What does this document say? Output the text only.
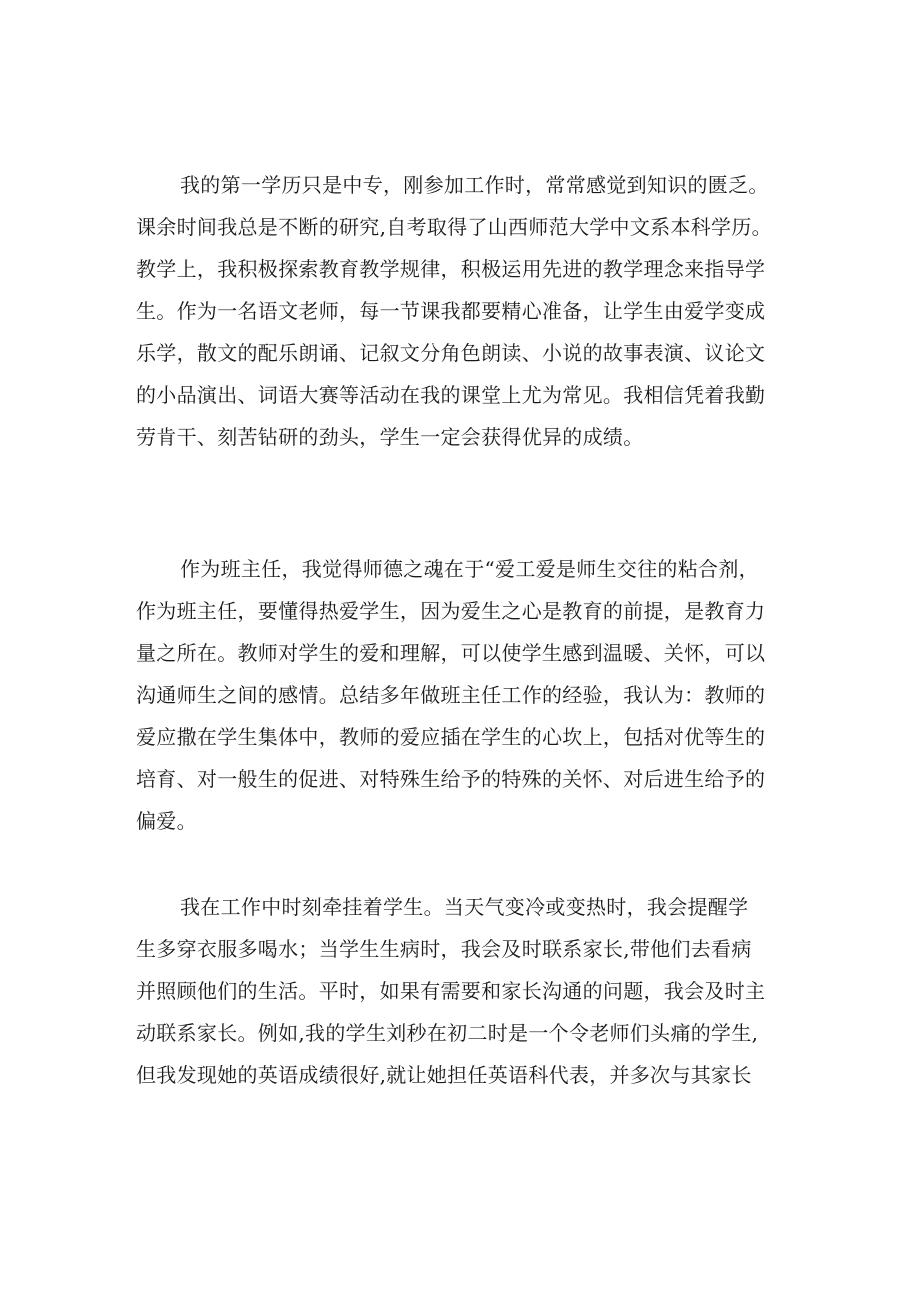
我的第一学历只是中专，刚参加工作时，常常感觉到知识的匮乏。
课余时间我总是不断的研究,自考取得了山西师范大学中文系本科学历。
教学上，我积极探索教育教学规律，积极运用先进的教学理念来指导学
生。作为一名语文老师，每一节课我都要精心准备，让学生由爱学变成
乐学，散文的配乐朗诵、记叙文分角色朗读、小说的故事表演、议论文
的小品演出、词语大赛等活动在我的课堂上尤为常见。我相信凭着我勤
劳肯干、刻苦钻研的劲头，学生一定会获得优异的成绩。
作为班主任，我觉得师德之魂在于“爱工爱是师生交往的粘合剂，
作为班主任，要懂得热爱学生，因为爱生之心是教育的前提，是教育力
量之所在。教师对学生的爱和理解，可以使学生感到温暖、关怀，可以
沟通师生之间的感情。总结多年做班主任工作的经验，我认为：教师的
爱应撒在学生集体中，教师的爱应插在学生的心坎上，包括对优等生的
培育、对一般生的促进、对特殊生给予的特殊的关怀、对后进生给予的
偏爱。
我在工作中时刻牵挂着学生。当天气变冷或变热时，我会提醒学
生多穿衣服多喝水；当学生生病时，我会及时联系家长,带他们去看病
并照顾他们的生活。平时，如果有需要和家长沟通的问题，我会及时主
动联系家长。例如,我的学生刘秒在初二时是一个令老师们头痛的学生,
但我发现她的英语成绩很好,就让她担任英语科代表，并多次与其家长
